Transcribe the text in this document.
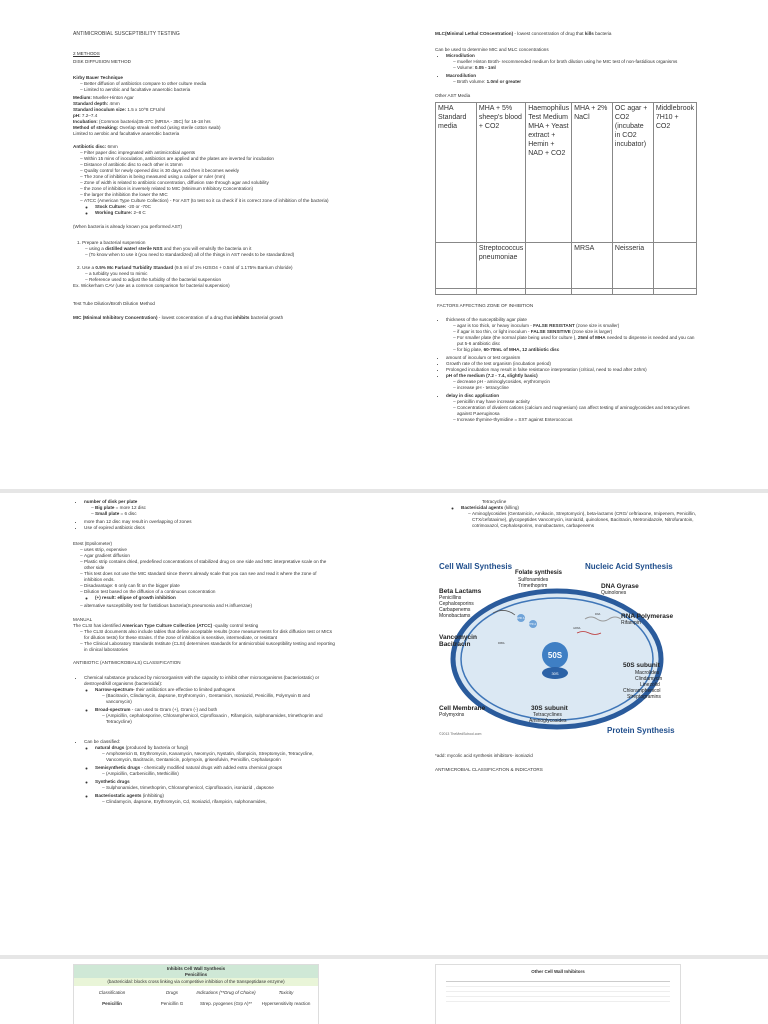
ANTIMICROBIAL SUSCEPTIBILITY TESTING

2 METHODS

DISK DIFFUSION METHOD

Kirby Bauer Technique

– Better diffusion of antibiotics compare to other culture media
– Limited to aerobic and facultative anaerobic bacteria

Medium: Mueller-Hinton Agar
Standard depth: 4mm
Standard inoculum size: 1.5 x 10^8 CFU/ml
pH: 7.2–7.4
Incubation: (Common bacteria)35-37C (MRSA - 35C) for 16-18 hrs
Method of streaking: Overlap streak method (using sterile cotton swab)
Limited to aerobic and facultative anaerobic bacteria

Antibiotic disc: 6mm

– Filter paper disc impregnated with antimicrobial agents
– Within 15 mins of inoculation, antibiotics are applied and the plates are inverted for incubation
– Distance of antibiotic disc to each other is 15mm
– Quality control for newly opened disc is 30 days and then it becomes weekly
– The zone of inhibition is being measured using a caliper or ruler (mm)
– Zone of width is related to antibiotic concentration, diffusion rate through agar and solubility
– the zone of inhibition is inversely related to MIC (Minimum Inhibitory Concentration)
– the larger the inhibition the lower the MIC
– ATCC (American Type Culture Collection) - For AST (to test so it ca check if it is correct zone of inhibition of the bacteria)
◦ Stock Culture: -20 or -70C
◦ Working Culture: 2–8 C

(When bacteria is already known you performed AST)

1. Prepare a bacterial suspension

– using a distilled water/ sterile NSS and then you will emulsify the bacteria on it
– (To know when to use it (you need to standardized) all of the things in AST needs to be standardized)

2. Use a 0.5% Mc Farland Turbidity Standard (9.5 ml of 1% H2SO4 + 0.5ml of 1.175% Barrium chloride)

– a turbidity you need to mimic
– Reference used to adjust the turbidity of the bacterial suspension

Ex. Wickerham CAV (use as a common comparison for bacterial suspension)

Test Tube Dilution/Broth Dilution Method

MIC (Minimal Inhibitory Concentration) - lowest concentration of a drug that inhibits bacterial growth

MLC(Minimal Lethal COncentration) - lowest concentration of drug that kills bacteria

Can be used to determine MIC and MLC concentrations

• Microdilution
– mueller Hinton Broth- recommended medium for broth dilution using he MIC test of non-fastidious organisms
– Volume: 0.05 - 1ml
• Macrodilution
– Broth volume: 1.0ml or greater

Other AST Media

MHA Standard media	MHA + 5% sheep's blood + CO2	Haemophilus Test Medium MHA + Yeast extract + Hemin + NAD + CO2	MHA + 2% NaCl	OC agar + CO2 (incubate in CO2 incubator)	Middlebrook 7H10 + CO2
	Streptococcus pneumoniae		MRSA	Neisseria	

FACTORS AFFECTING ZONE OF INHIBITION

• thickness of the susceptibility agar plate
– agar is too thick, or heavy inoculum - FALSE RESISTANT (zone size is smaller)
– if agar is too thin, or light inoculum - FALSE SENSITIVE (zone size is larger)
– For smaller plate (the normal plate being used for culture ), 25ml of MHA needed to dispense is needed and you can put 5-6 antibiotic disc
– for big plate, 60-70mL of MHA, 12 antibiotic disc
• amount of inoculum or test organism
• Growth rate of the test organism (incubation period)
• Prolonged incubation may result in false resistance interpretation (critical, need to read after 24hrs)
• pH of the medium (7.2 - 7.4, slightly basic)
– decrease pH - aminoglycosides, erythromycin
– increase pH - tetracycline
• delay in disc application
– penicillin may have increase activity
– Concentration of divalent cations (calcium and magnesium) can affect testing of aminoglycosides and tetracyclines against P.aeruginosa
– Increase thymine-thymidine = SXT against Enterococcus
• number of disk per plate
– Big plate = more 12 disc
– Small plate = 6 disc
• more than 12 disc may result in overlapping of zones
• Use of expired antibiotic discs

Etest (Epsilometer)

– uses strip, expensive
– Agar gradient diffusion
– Plastic strip contains dried, predefined concentrations of stabilized drug on one side and MIC interpretative scale on the other side
– This test does not use the MIC standard since there's already scale that you can see and read it where the zone of inhibition ends.
– Disadvantage: 6 only can fit on the bigger plate
– Dilution test based on the diffusion of a continuous concentration
◦ (+) result: ellipse of growth inhibition
– alternative susceptibility test for fastidious bacteria(S.pneumonia and H.influenzae)

MANUAL

The CLSI has identified American Type Culture Collection (ATCC) -quality control testing

– The CLSI documents also include tables that define acceptable results (zone measurements for disk diffusion test or MICs for dilution tests) for these strains. If the zone of inhibition is sensitive, intermediate, or resistant
– The Clinical Laboratory Standards Institute (CLSI) determines standards for antimicrobial susceptibility testing and reporting in clinical laboratories

ANTIBIOTIC (ANTIMICROBIALS) CLASSIFICATION

• Chemical substance produced by microorganism with the capacity to inhibit other microorganisms (bacteriostatic) or destroyed/kill organisms (bactericidal):
◦ Narrow-spectrum- their antibiotics are effective to limited pathogens
– (Bacitracin, Clindamycin, dapsone, Erythromycin , Gentamicin, Isoniazid, Penicillin, Polymyxin B and vancomycin)
◦ Broad-spectrum - can used to Gram (+), Gram (-) and both
– (Ampicillin, cephalosporine, Chloramphenicol, Ciprofloxacin , Rifampicin, sulphonamides, trimethoprim and Tetracycline)
• Can be classified:
◦ natural drugs (produced by bacteria or fungi)
– Amphotericin B, Erythromycin, Kanamycin, Neomycin, Nystatin, rifampicin, Streptomycin, Tetracycline, Vancomycin, Bacitracin, Gentamicin, polymyxin, griseofulvin, Penicillin, Cephalosporin
◦ Semisynthetic drugs - chemically modified natural drugs with added extra chemical groups
– (Ampicillin, Carbenicillin, Methicillin)
◦ Synthetic drugs
– Sulphonamides, trimethoprim, Chloramphenicol, Ciprofloxacin, isoniazid , dapsone
◦ Bacteriostatic agents (inhibiting)
– Clindamycin, dapsone, Erythromycin, Cd, Isoniazid, rifampicin, sulphonamides,

Tetracycline

◦ Bactericidal agents (killing)
– Aminoglycosides (Gentamicin, Amikacin, Streptomycin), beta-lactams (CRG/ ceftriaxone, Imipenem, Penicillin, CTX/cefotaxime), glycopeptides Vancomycin, isoniazid, quinolones, Bacitracin, Metronidazole, Nitrofurantoin, cotrimoxazol, Cephalosporins, monobactams, carbapenems
50S
30S
PABA
DHF A
THF A
mRNA
DNA
Cell Wall Synthesis	Nucleic Acid Synthesis
Folate synthesis
Sulfonamides
Trimethoprim
Beta Lactams
Penicillins
Cephalosporins
Carbapenems
Monobactams
DNA Gyrase
Quinolones
RNA Polymerase
Rifampin
Vancomycin
Bacitracin
50S subunit
Macrolides
Clindamycin
Linezolid
Chloramphenicol
Streptogramins
Cell Membrane
Polymyxins
30S subunit
Tetracyclines
Aminoglycosides
©2013 TheMedSchool.com	Protein Synthesis

*add: mycolic acid synthesis inhibitors- isoniazid

ANTIMICROBIAL CLASSIFICATION & INDICATORS

Inhibits Cell Wall Synthesis
Penicillins
(bactericidal: blocks cross linking via competitive inhibition of the transpeptidase enzyme)
Classification	Drugs	Indications (**Drug of Choice)	Toxicity
Penicillin	Penicillin G	Strep. pyogenes (Grp A)**	Hypersensitivity reaction
Other Cell Wall Inhibitors
